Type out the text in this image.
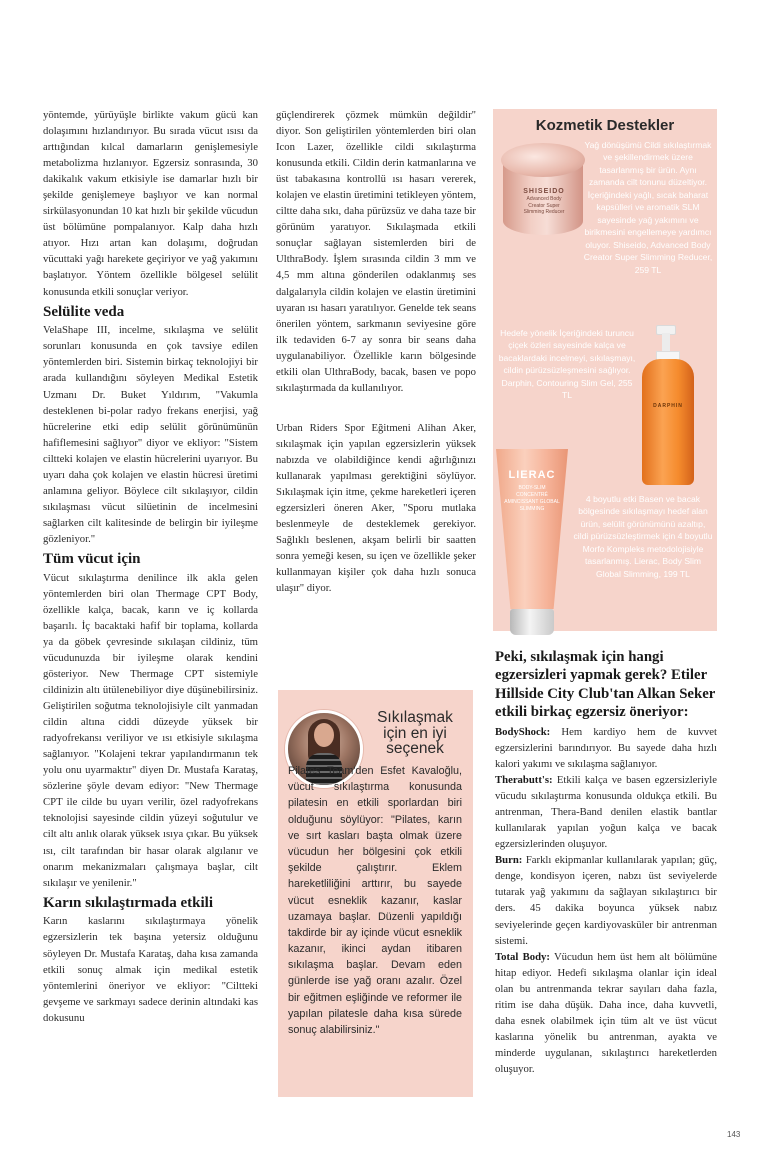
yöntemde, yürüyüşle birlikte vakum gücü kan dolaşımını hızlandırıyor. Bu sırada vücut ısısı da arttığından kılcal damarların genişlemesiyle metabolizma hızlanıyor. Egzersiz sonrasında, 30 dakikalık vakum etkisiyle ise damarlar hızlı bir şekilde genişlemeye başlıyor ve kan normal sirkülasyonundan 10 kat hızlı bir şekilde vücudun üst bölümüne pompalanıyor. Kalp daha hızlı atıyor. Hızı artan kan dolaşımı, doğrudan vücuttaki yağı harekete geçiriyor ve yağ yakımını başlatıyor. Yöntem özellikle bölgesel selülit konusunda etkili sonuçlar veriyor.

Selülite veda

VelaShape III, incelme, sıkılaşma ve selülit sorunları konusunda en çok tavsiye edilen yöntemlerden biri. Sistemin birkaç teknolojiyi bir arada kullandığını söyleyen Medikal Estetik Uzmanı Dr. Buket Yıldırım, "Vakumla desteklenen bi-polar radyo frekans enerjisi, yağ hücrelerine etki edip selülit görünümünün hafiflemesini sağlıyor" diyor ve ekliyor: "Sistem ciltteki kolajen ve elastin hücrelerini uyarıyor. Bu uyarı daha çok kolajen ve elastin hücresi üretimi anlamına geliyor. Böylece cilt sıkılaşıyor, cildin sıkılaşması vücut silüetinin de incelmesini sağlarken cilt kalitesinde de belirgin bir iyileşme gözleniyor."

Tüm vücut için

Vücut sıkılaştırma denilince ilk akla gelen yöntemlerden biri olan Thermage CPT Body, özellikle kalça, bacak, karın ve iç kollarda başarılı. İç bacaktaki hafif bir toplama, kollarda ya da göbek çevresinde sıkılaşan cildiniz, tüm vücudunuzda bir iyileşme olarak kendini gösteriyor. New Thermage CPT sistemiyle cildinizin altı ütülenebiliyor diye düşünebilirsiniz. Geliştirilen soğutma teknolojisiyle cilt yanmadan cildin altına ciddi düzeyde yüksek bir radyofrekansı veriliyor ve ısı etkisiyle sıkılaşma sağlanıyor. "Kolajeni tekrar yapılandırmanın tek yolu onu uyarmaktır" diyen Dr. Mustafa Karataş, sözlerine şöyle devam ediyor: "New Thermage CPT ile cilde bu uyarı verilir, özel radyofrekans teknolojisi sayesinde cildin yüzeyi soğutulur ve cilt altı anlık olarak yüksek ısıya çıkar. Bu yüksek ısı, cilt tarafından bir hasar olarak algılanır ve onarım mekanizmaları çalışmaya başlar, cilt sıkılaşır ve yenilenir."

Karın sıkılaştırmada etkili

Karın kaslarını sıkılaştırmaya yönelik egzersizlerin tek başına yetersiz olduğunu söyleyen Dr. Mustafa Karataş, daha kısa zamanda etkili sonuç almak için medikal estetik yöntemlerini öneriyor ve ekliyor: "Ciltteki gevşeme ve sarkmayı sadece derinin altındaki kas dokusunu

güçlendirerek çözmek mümkün değildir" diyor. Son geliştirilen yöntemlerden biri olan Icon Lazer, özellikle cildi sıkılaştırma konusunda etkili. Cildin derin katmanlarına ve üst tabakasına kontrollü ısı hasarı vererek, kolajen ve elastin üretimini tetikleyen yöntem, ciltte daha sıkı, daha pürüzsüz ve daha taze bir görünüm yaratıyor. Sıkılaşmada etkili sonuçlar sağlayan sistemlerden biri de UlthraBody. İşlem sırasında cildin 3 mm ve 4,5 mm altına gönderilen odaklanmış ses dalgalarıyla cildin kolajen ve elastin üretimini uyaran ısı hasarı yaratılıyor. Genelde tek seans önerilen yöntem, sarkmanın seviyesine göre ilk tedaviden 6-7 ay sonra bir seans daha uygulanabiliyor. Özellikle karın bölgesinde etkili olan UlthraBody, bacak, basen ve popo sıkılaştırmada da kullanılıyor.

Urban Riders Spor Eğitmeni Alihan Aker, sıkılaşmak için yapılan egzersizlerin yüksek nabızda ve olabildiğince kendi ağırlığınızı kullanarak yapılması gerektiğini söylüyor. Sıkılaşmak için itme, çekme hareketleri içeren egzersizleri öneren Aker, "Sporu mutlaka beslenmeyle de desteklemek gerekiyor. Sağlıklı beslenen, akşam belirli bir saatten sonra yemeği kesen, su içen ve özellikle şeker kullanmayan kişiler çok daha hızlı sonuca ulaşır" diyor.

Kozmetik Destekler
SHISEIDO
Advanced Body Creator Super Slimming Reducer
Yağ dönüşümü Cildi sıkılaştırmak ve şekillendirmek üzere tasarlanmış bir ürün. Aynı zamanda cilt tonunu düzeltiyor. İçeriğindeki yağlı, sıcak baharat kapsülleri ve aromatik SLM sayesinde yağ yakımını ve birikmesini engellemeye yardımcı oluyor. Shiseido, Advanced Body Creator Super Slimming Reducer, 259 TL
Hedefe yönelik İçeriğindeki turuncu çiçek özleri sayesinde kalça ve bacaklardaki incelmeyi, sıkılaşmayı, cildin pürüzsüzleşmesini sağlıyor. Darphin, Contouring Slim Gel, 255 TL
DARPHIN
LIERAC
BODY-SLIM CONCENTRÉ AMINCISSANT GLOBAL SLIMMING
4 boyutlu etki Basen ve bacak bölgesinde sıkılaşmayı hedef alan ürün, selülit görünümünü azaltıp, cildi pürüzsüzleştirmek için 4 boyutlu Morfo Kompleks metodolojisiyle tasarlanmış. Lierac, Body Slim Global Slimming, 199 TL
Sıkılaşmak
için en iyi
seçenek
Pilates Team'den Esfet Kavaloğlu, vücut sıkılaştırma konusunda pilatesin en etkili sporlardan biri olduğunu söylüyor: "Pilates, karın ve sırt kasları başta olmak üzere vücudun her bölgesini çok etkili şekilde çalıştırır. Eklem hareketliliğini arttırır, bu sayede vücut esneklik kazanır, kaslar uzamaya başlar. Düzenli yapıldığı takdirde bir ay içinde vücut esneklik kazanır, ikinci aydan itibaren sıkılaşma başlar. Devam eden günlerde ise yağ oranı azalır. Özel bir eğitmen eşliğinde ve reformer ile yapılan pilatesle daha kısa sürede sonuç alabilirsiniz."
Peki, sıkılaşmak için hangi egzersizleri yapmak gerek? Etiler Hillside City Club'tan Alkan Seker etkili birkaç egzersiz öneriyor:

BodyShock: Hem kardiyo hem de kuvvet egzersizlerini barındırıyor. Bu sayede daha hızlı kalori yakımı ve sıkılaşma sağlanıyor.

Therabutt's: Etkili kalça ve basen egzersizleriyle vücudu sıkılaştırma konusunda oldukça etkili. Bu antrenman, Thera-Band denilen elastik bantlar kullanılarak yapılan yoğun kalça ve bacak egzersizlerinden oluşuyor.

Burn: Farklı ekipmanlar kullanılarak yapılan; güç, denge, kondisyon içeren, nabzı üst seviyelerde tutarak yağ yakımını da sağlayan sıkılaştırıcı bir ders. 45 dakika boyunca yüksek nabız seviyelerinde geçen kardiyovasküler bir antrenman sistemi.

Total Body: Vücudun hem üst hem alt bölümüne hitap ediyor. Hedefi sıkılaşma olanlar için ideal olan bu antrenmanda tekrar sayıları daha fazla, ritim ise daha düşük. Daha ince, daha kuvvetli, daha esnek olabilmek için tüm alt ve üst vücut kaslarına yönelik bu antrenman, ayakta ve minderde uygulanan, sıkılaştırıcı hareketlerden oluşuyor.

143
